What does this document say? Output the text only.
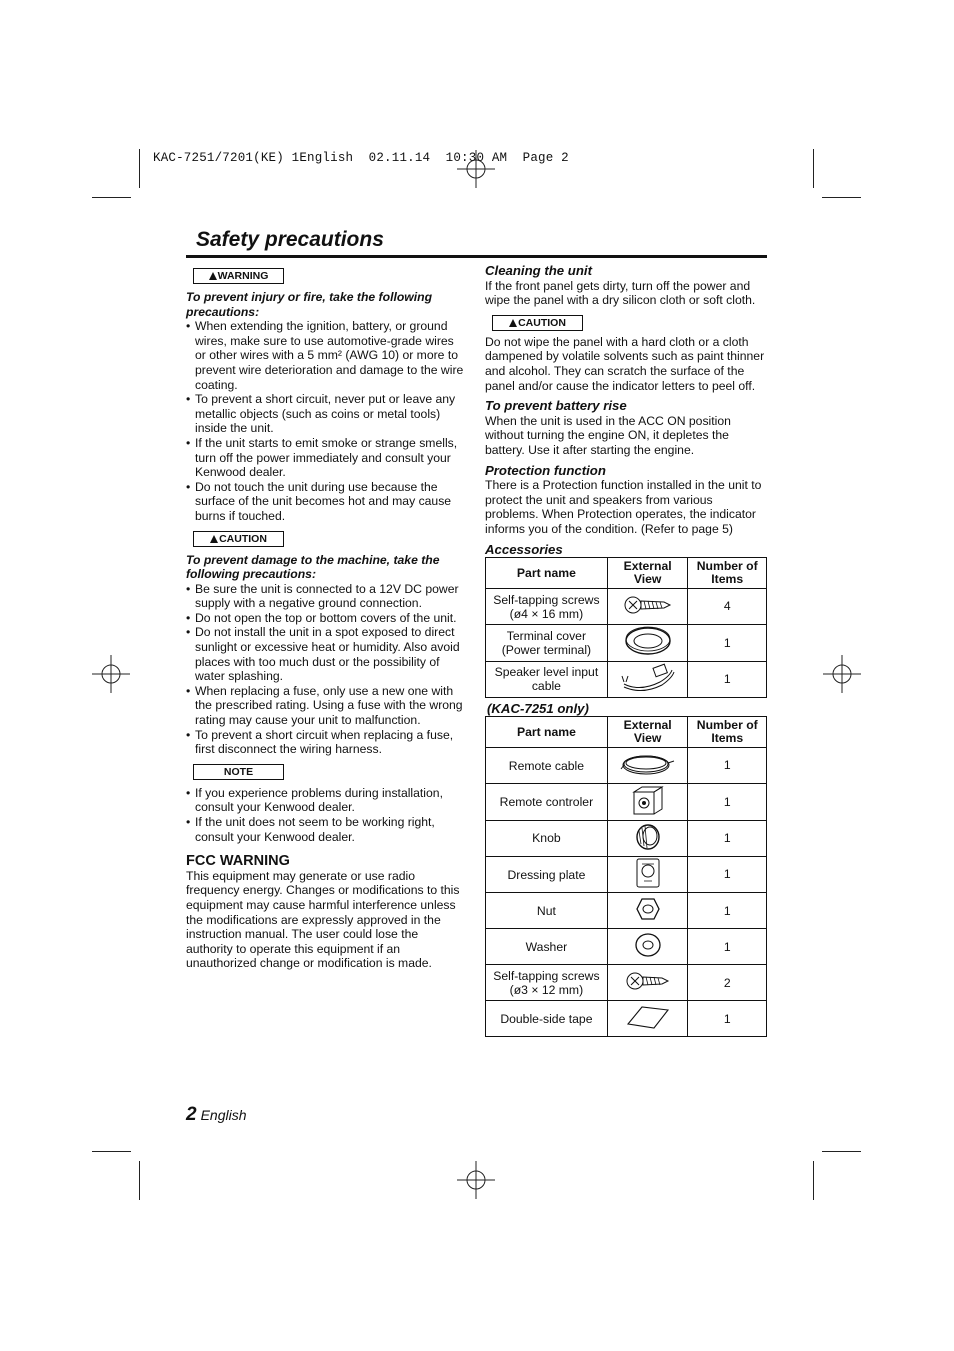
KAC-7251/7201(KE) 1English  02.11.14  10:30 AM  Page 2
Safety precautions
WARNING
To prevent injury or fire, take the following precautions:
• When extending the ignition, battery, or ground wires, make sure to use automotive-grade wires or other wires with a 5 mm² (AWG 10) or more to prevent wire deterioration and damage to the wire coating.
• To prevent a short circuit, never put or leave any metallic objects (such as coins or metal tools) inside the unit.
• If the unit starts to emit smoke or strange smells, turn off the power immediately and consult your Kenwood dealer.
• Do not touch the unit during use because the surface of the unit becomes hot and may cause burns if touched.
CAUTION
To prevent damage to the machine, take the following precautions:
• Be sure the unit is connected to a 12V DC power supply with a negative ground connection.
• Do not open the top or bottom covers of the unit.
• Do not install the unit in a spot exposed to direct sunlight or excessive heat or humidity. Also avoid places with too much dust or the possibility of water splashing.
• When replacing a fuse, only use a new one with the prescribed rating. Using a fuse with the wrong rating may cause your unit to malfunction.
• To prevent a short circuit when replacing a fuse, first disconnect the wiring harness.
NOTE
• If you experience problems during installation, consult your Kenwood dealer.
• If the unit does not seem to be working right, consult your Kenwood dealer.
FCC WARNING

This equipment may generate or use radio frequency energy. Changes or modifications to this equipment may cause harmful interference unless the modifications are expressly approved in the instruction manual. The user could lose the authority to operate this equipment if an unauthorized change or modification is made.

Cleaning the unit

If the front panel gets dirty, turn off the power and wipe the panel with a dry silicon cloth or soft cloth.

CAUTION

Do not wipe the panel with a hard cloth or a cloth dampened by volatile solvents such as paint thinner and alcohol. They can scratch the surface of the panel and/or cause the indicator letters to peel off.

To prevent battery rise

When the unit is used in the ACC ON position without turning the engine ON, it depletes the battery. Use it after starting the engine.

Protection function

There is a Protection function installed in the unit to protect the unit and speakers from various problems. When Protection operates, the indicator informs you of the condition. (Refer to page 5)

Accessories
Part name	External View	Number of Items
Self-tapping screws (ø4 × 16 mm)		4
Terminal cover (Power terminal)		1
Speaker level input cable		1
(KAC-7251 only)
Part name	External View	Number of Items
Remote cable		1
Remote controler		1
Knob		1
Dressing plate		1
Nut		1
Washer		1
Self-tapping screws (ø3 × 12 mm)		2
Double-side tape		1
2 English
